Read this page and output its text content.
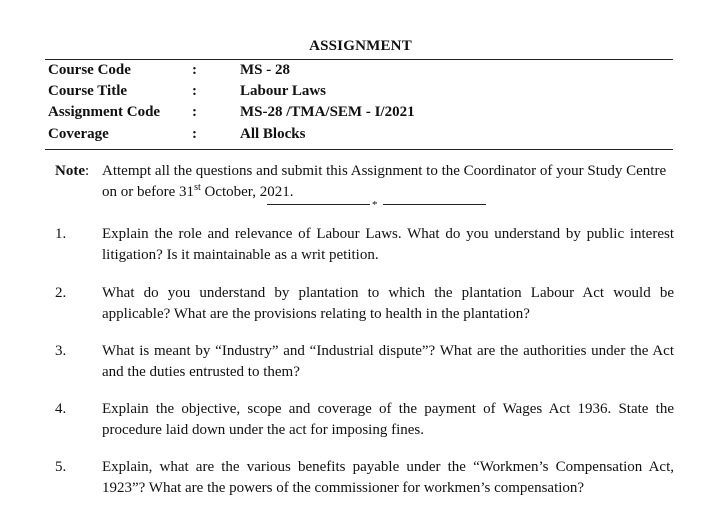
ASSIGNMENT
Course Code	:	MS - 28
Course Title	:	Labour Laws
Assignment Code :	MS-28 /TMA/SEM - I/2021
Coverage	:	All Blocks
Note: Attempt all the questions and submit this Assignment to the Coordinator of your Study Centre on or before 31st October, 2021.
*
1. Explain the role and relevance of Labour Laws. What do you understand by public interest litigation? Is it maintainable as a writ petition.
2. What do you understand by plantation to which the plantation Labour Act would be applicable? What are the provisions relating to health in the plantation?
3. What is meant by “Industry” and “Industrial dispute”? What are the authorities under the Act and the duties entrusted to them?
4. Explain the objective, scope and coverage of the payment of Wages Act 1936. State the procedure laid down under the act for imposing fines.
5. Explain, what are the various benefits payable under the “Workmen’s Compensation Act, 1923”? What are the powers of the commissioner for workmen’s compensation?
